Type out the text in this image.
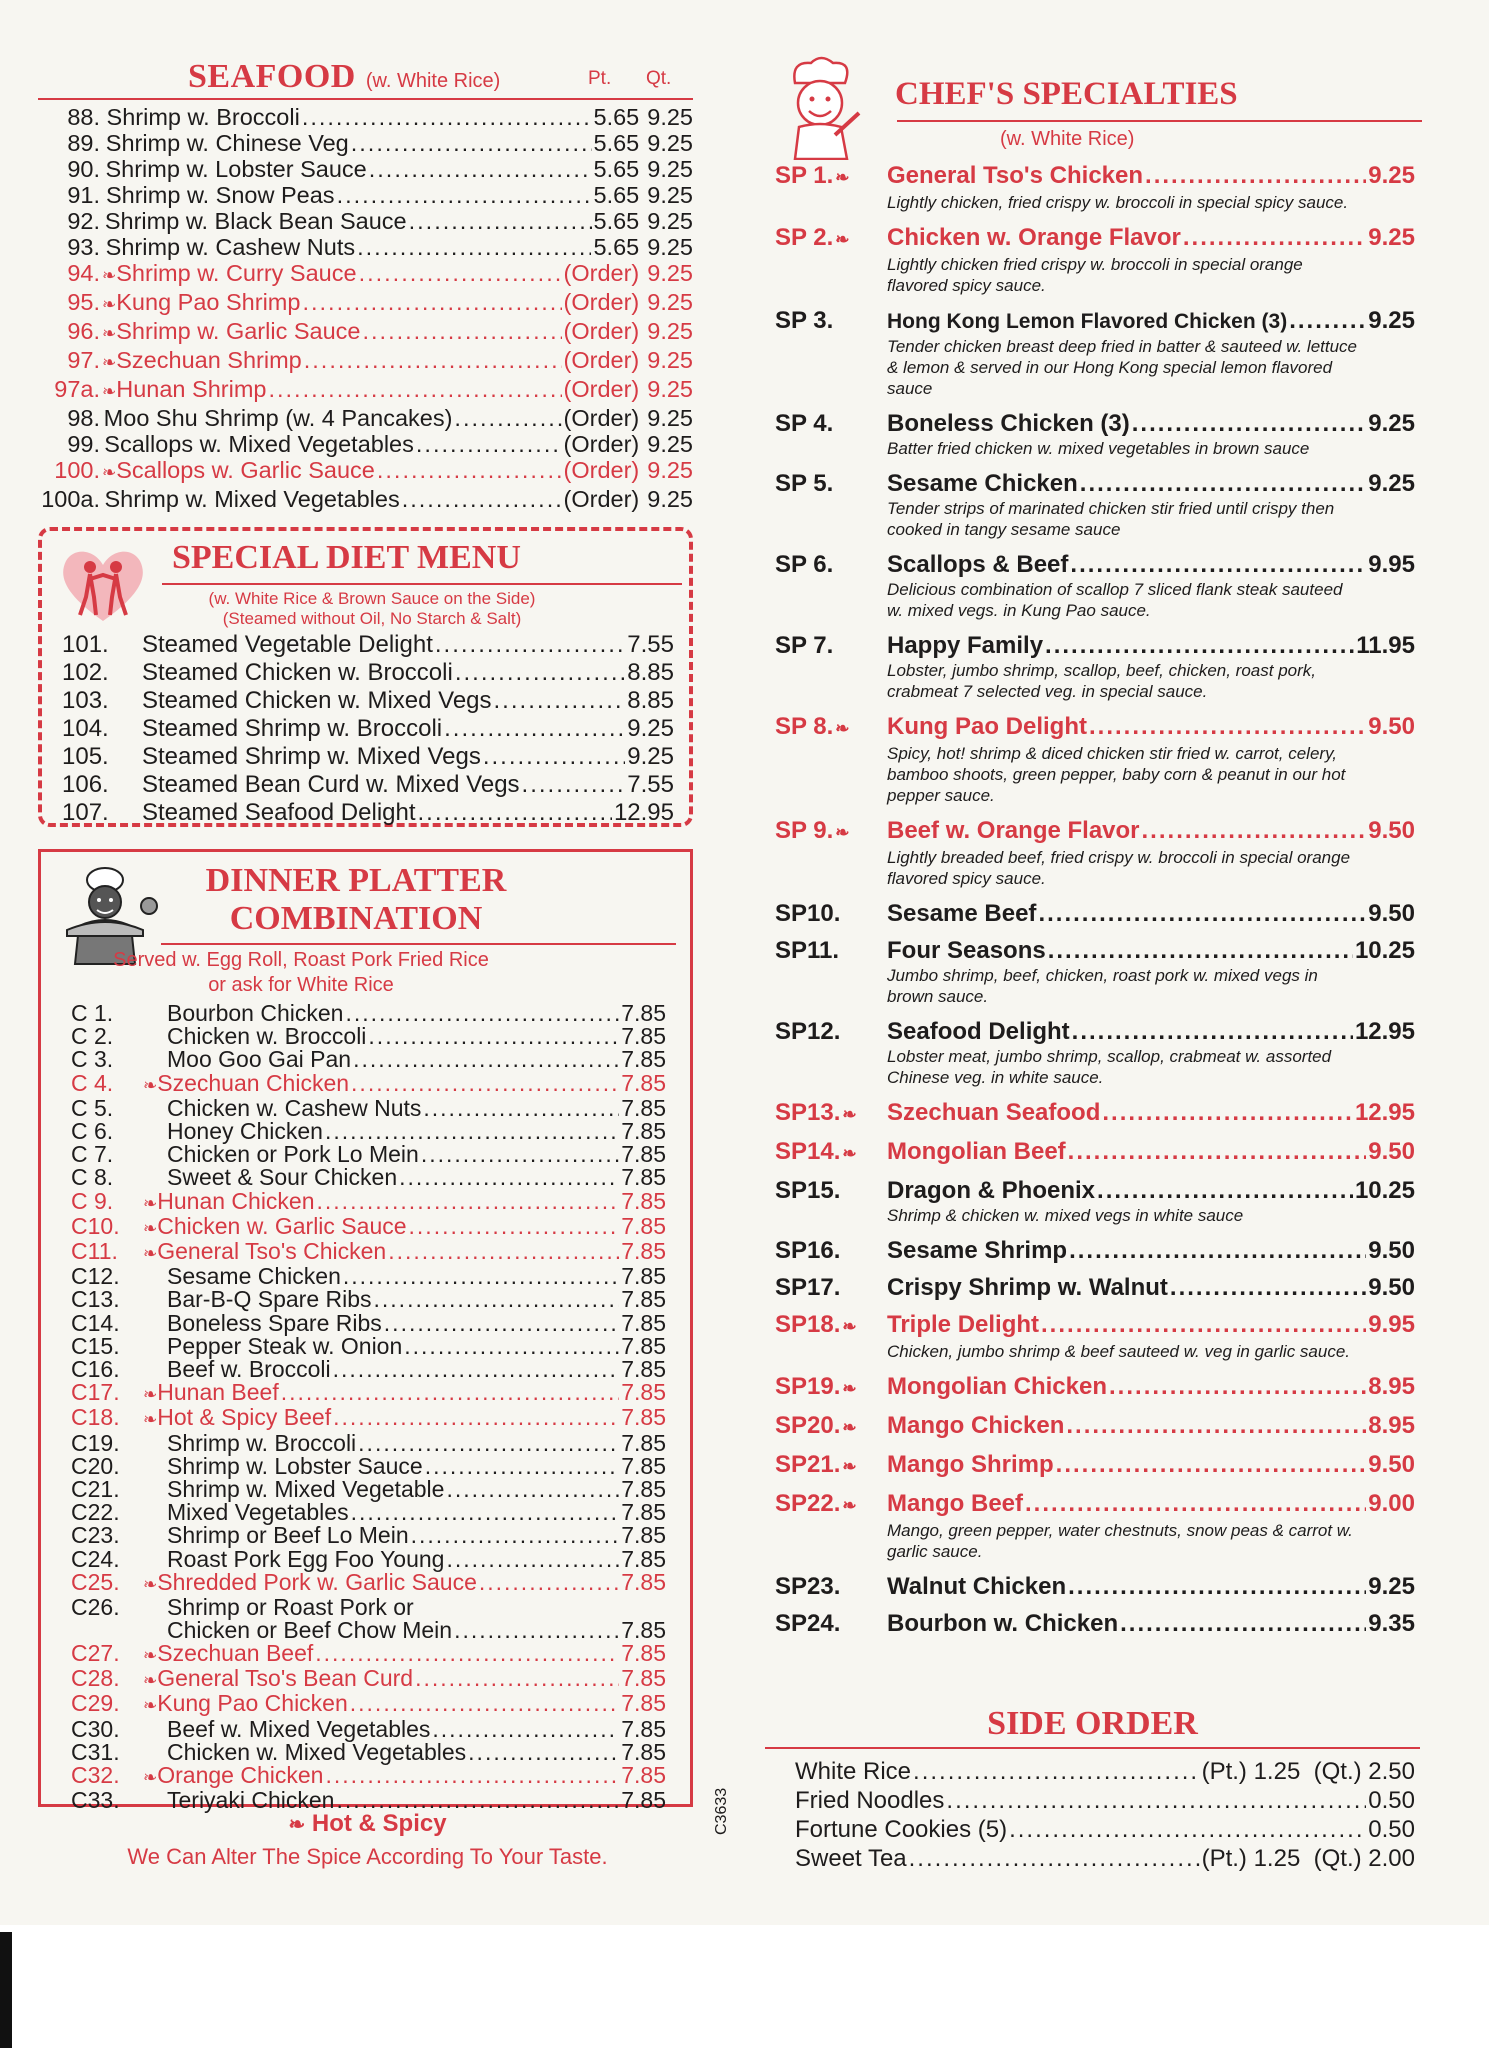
SEAFOOD (w. White Rice)	Pt. Qt.
88. Shrimp w. Broccoli .....	5.65 9.25
89. Shrimp w. Chinese Veg .....	5.65 9.25
90. Shrimp w. Lobster Sauce .....	5.65 9.25
91. Shrimp w. Snow Peas .....	5.65 9.25
92. Shrimp w. Black Bean Sauce .....	5.65 9.25
93. Shrimp w. Cashew Nuts .....	5.65 9.25
94. ❧ Shrimp w. Curry Sauce .....	(Order) 9.25
95. ❧ Kung Pao Shrimp .....	(Order) 9.25
96. ❧ Shrimp w. Garlic Sauce .....	(Order) 9.25
97. ❧ Szechuan Shrimp .....	(Order) 9.25
97a. ❧ Hunan Shrimp .....	(Order) 9.25
98. Moo Shu Shrimp (w. 4 Pancakes) .....	(Order) 9.25
99. Scallops w. Mixed Vegetables .....	(Order) 9.25
100. ❧ Scallops w. Garlic Sauce .....	(Order) 9.25
100a. Shrimp w. Mixed Vegetables .....	(Order) 9.25
SPECIAL DIET MENU
(w. White Rice & Brown Sauce on the Side)
(Steamed without Oil, No Starch & Salt)
101.	Steamed Vegetable Delight .....	7.55
102.	Steamed Chicken w. Broccoli .....	8.85
103.	Steamed Chicken w. Mixed Vegs .....	8.85
104.	Steamed Shrimp w. Broccoli .....	9.25
105.	Steamed Shrimp w. Mixed Vegs .....	9.25
106.	Steamed Bean Curd w. Mixed Vegs .....	7.55
107.	Steamed Seafood Delight .....	12.95
DINNER PLATTER
COMBINATION
Served w. Egg Roll, Roast Pork Fried Rice
or ask for White Rice
C 1.	Bourbon Chicken .....	7.85
C 2.	Chicken w. Broccoli .....	7.85
C 3.	Moo Goo Gai Pan .....	7.85
C 4.	❧ Szechuan Chicken .....	7.85
C 5.	Chicken w. Cashew Nuts .....	7.85
C 6.	Honey Chicken .....	7.85
C 7.	Chicken or Pork Lo Mein .....	7.85
C 8.	Sweet & Sour Chicken .....	7.85
C 9.	❧ Hunan Chicken .....	7.85
C10.	❧ Chicken w. Garlic Sauce .....	7.85
C11.	❧ General Tso's Chicken .....	7.85
C12.	Sesame Chicken .....	7.85
C13.	Bar-B-Q Spare Ribs .....	7.85
C14.	Boneless Spare Ribs .....	7.85
C15.	Pepper Steak w. Onion .....	7.85
C16.	Beef w. Broccoli .....	7.85
C17.	❧ Hunan Beef .....	7.85
C18.	❧ Hot & Spicy Beef .....	7.85
C19.	Shrimp w. Broccoli .....	7.85
C20.	Shrimp w. Lobster Sauce .....	7.85
C21.	Shrimp w. Mixed Vegetable .....	7.85
C22.	Mixed Vegetables .....	7.85
C23.	Shrimp or Beef Lo Mein .....	7.85
C24.	Roast Pork Egg Foo Young .....	7.85
C25.	❧ Shredded Pork w. Garlic Sauce .....	7.85
C26.	Shrimp or Roast Pork or
Chicken or Beef Chow Mein .....	7.85
C27.	❧ Szechuan Beef .....	7.85
C28.	❧ General Tso's Bean Curd .....	7.85
C29.	❧ Kung Pao Chicken .....	7.85
C30.	Beef w. Mixed Vegetables .....	7.85
C31.	Chicken w. Mixed Vegetables .....	7.85
C32.	❧ Orange Chicken .....	7.85
C33.	Teriyaki Chicken .....	7.85
❧ Hot & Spicy
We Can Alter The Spice According To Your Taste.
C3633
CHEF'S SPECIALTIES
(w. White Rice)
SP 1. ❧	General Tso's Chicken .....	9.25
Lightly chicken, fried crispy w. broccoli in special spicy sauce.
SP 2. ❧	Chicken w. Orange Flavor .....	9.25
Lightly chicken fried crispy w. broccoli in special orange flavored spicy sauce.
SP 3.	Hong Kong Lemon Flavored Chicken (3) .....	9.25
Tender chicken breast deep fried in batter & sauteed w. lettuce & lemon & served in our Hong Kong special lemon flavored sauce
SP 4.	Boneless Chicken (3) .....	9.25
Batter fried chicken w. mixed vegetables in brown sauce
SP 5.	Sesame Chicken .....	9.25
Tender strips of marinated chicken stir fried until crispy then cooked in tangy sesame sauce
SP 6.	Scallops & Beef .....	9.95
Delicious combination of scallop 7 sliced flank steak sauteed w. mixed vegs. in Kung Pao sauce.
SP 7.	Happy Family .....	11.95
Lobster, jumbo shrimp, scallop, beef, chicken, roast pork, crabmeat 7 selected veg. in special sauce.
SP 8. ❧	Kung Pao Delight .....	9.50
Spicy, hot! shrimp & diced chicken stir fried w. carrot, celery, bamboo shoots, green pepper, baby corn & peanut in our hot pepper sauce.
SP 9. ❧	Beef w. Orange Flavor .....	9.50
Lightly breaded beef, fried crispy w. broccoli in special orange flavored spicy sauce.
SP10.	Sesame Beef .....	9.50
SP11.	Four Seasons .....	10.25
Jumbo shrimp, beef, chicken, roast pork w. mixed vegs in brown sauce.
SP12.	Seafood Delight .....	12.95
Lobster meat, jumbo shrimp, scallop, crabmeat w. assorted Chinese veg. in white sauce.
SP13. ❧	Szechuan Seafood .....	12.95
SP14. ❧	Mongolian Beef .....	9.50
SP15.	Dragon & Phoenix .....	10.25
Shrimp & chicken w. mixed vegs in white sauce
SP16.	Sesame Shrimp .....	9.50
SP17.	Crispy Shrimp w. Walnut .....	9.50
SP18. ❧	Triple Delight .....	9.95
Chicken, jumbo shrimp & beef sauteed w. veg in garlic sauce.
SP19. ❧	Mongolian Chicken .....	8.95
SP20. ❧	Mango Chicken .....	8.95
SP21. ❧	Mango Shrimp .....	9.50
SP22. ❧	Mango Beef .....	9.00
Mango, green pepper, water chestnuts, snow peas & carrot w. garlic sauce.
SP23.	Walnut Chicken .....	9.25
SP24.	Bourbon w. Chicken .....	9.35
SIDE ORDER
White Rice .....	(Pt.) 1.25  (Qt.) 2.50
Fried Noodles .....	0.50
Fortune Cookies (5) .....	0.50
Sweet Tea .....	(Pt.) 1.25  (Qt.) 2.00
